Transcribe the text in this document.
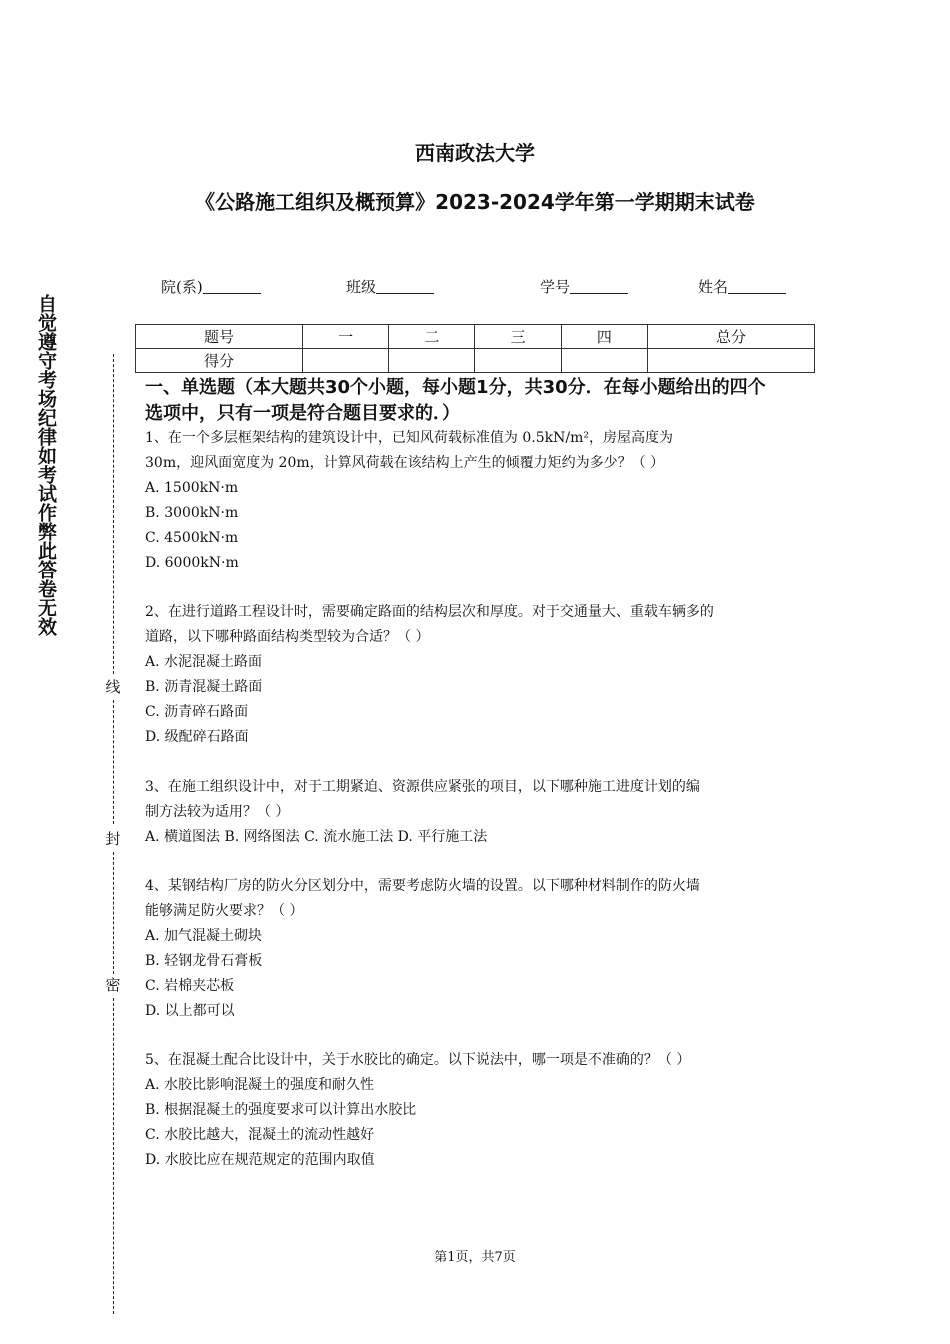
自觉遵守考场纪律如考试作弊此答卷无效
线
封
密
西南政法大学
《公路施工组织及概预算》2023-2024学年第一学期期末试卷
院(系)	班级	学号	姓名
题号	一	二	三	四	总分
得分					
一、单选题（本大题共30个小题，每小题1分，共30分．在每小题给出的四个
选项中，只有一项是符合题目要求的．）
1、在一个多层框架结构的建筑设计中，已知风荷载标准值为 0.5kN/m²，房屋高度为
30m，迎风面宽度为 20m，计算风荷载在该结构上产生的倾覆力矩约为多少？（ ）
A. 1500kN·m
B. 3000kN·m
C. 4500kN·m
D. 6000kN·m
2、在进行道路工程设计时，需要确定路面的结构层次和厚度。对于交通量大、重载车辆多的
道路，以下哪种路面结构类型较为合适？（ ）
A. 水泥混凝土路面
B. 沥青混凝土路面
C. 沥青碎石路面
D. 级配碎石路面
3、在施工组织设计中，对于工期紧迫、资源供应紧张的项目，以下哪种施工进度计划的编
制方法较为适用？（ ）
A. 横道图法 B. 网络图法 C. 流水施工法 D. 平行施工法
4、某钢结构厂房的防火分区划分中，需要考虑防火墙的设置。以下哪种材料制作的防火墙
能够满足防火要求？（ ）
A. 加气混凝土砌块
B. 轻钢龙骨石膏板
C. 岩棉夹芯板
D. 以上都可以
5、在混凝土配合比设计中，关于水胶比的确定。以下说法中，哪一项是不准确的？（ ）
A. 水胶比影响混凝土的强度和耐久性
B. 根据混凝土的强度要求可以计算出水胶比
C. 水胶比越大，混凝土的流动性越好
D. 水胶比应在规范规定的范围内取值
第1页，共7页
